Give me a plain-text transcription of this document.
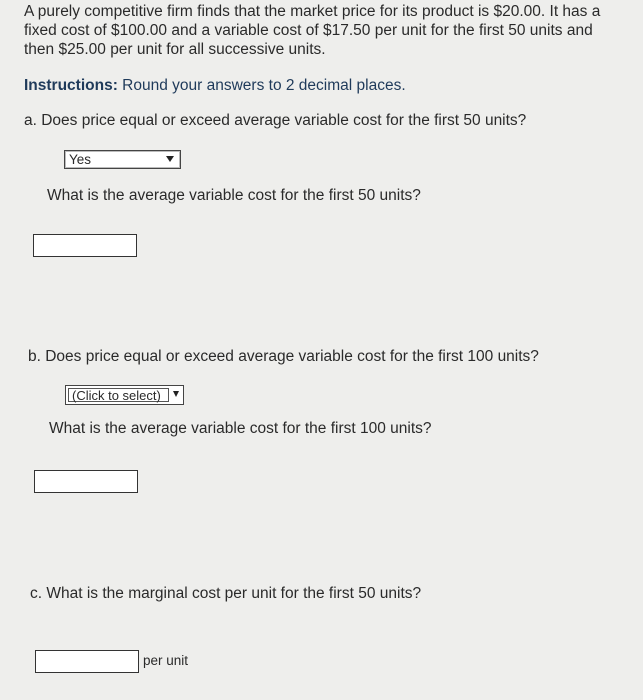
A purely competitive firm finds that the market price for its product is $20.00. It has a
fixed cost of $100.00 and a variable cost of $17.50 per unit for the first 50 units and
then $25.00 per unit for all successive units.
Instructions: Round your answers to 2 decimal places.
a. Does price equal or exceed average variable cost for the first 50 units?
Yes
What is the average variable cost for the first 50 units?
b. Does price equal or exceed average variable cost for the first 100 units?
(Click to select)
What is the average variable cost for the first 100 units?
c. What is the marginal cost per unit for the first 50 units?
per unit
